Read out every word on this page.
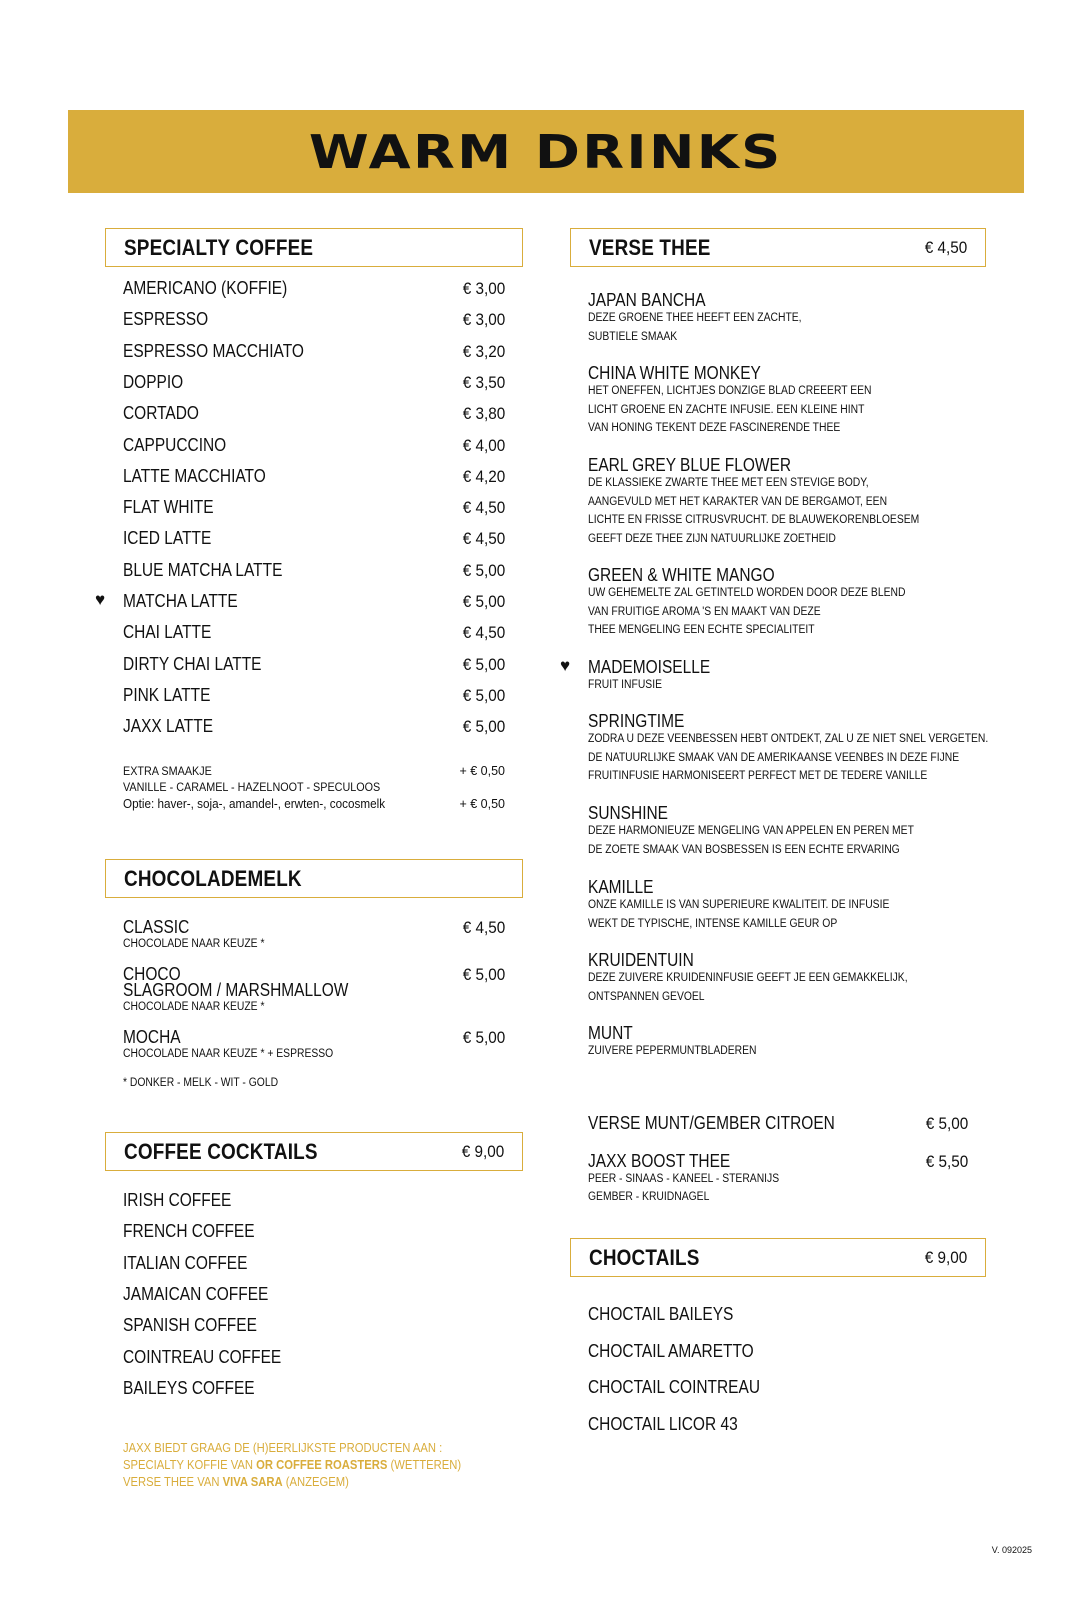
WARM DRINKS
SPECIALTY COFFEE
AMERICANO (KOFFIE)	€ 3,00
ESPRESSO	€ 3,00
ESPRESSO MACCHIATO	€ 3,20
DOPPIO	€ 3,50
CORTADO	€ 3,80
CAPPUCCINO	€ 4,00
LATTE MACCHIATO	€ 4,20
FLAT WHITE	€ 4,50
ICED LATTE	€ 4,50
BLUE MATCHA LATTE	€ 5,00
MATCHA LATTE	€ 5,00
♥
CHAI LATTE	€ 4,50
DIRTY CHAI LATTE	€ 5,00
PINK LATTE	€ 5,00
JAXX LATTE	€ 5,00
EXTRA SMAAKJE	+ € 0,50
VANILLE - CARAMEL - HAZELNOOT - SPECULOOS
Optie: haver-, soja-, amandel-, erwten-, cocosmelk	+ € 0,50
CHOCOLADEMELK
CLASSIC	€ 4,50
CHOCOLADE NAAR KEUZE *
CHOCO	€ 5,00
SLAGROOM / MARSHMALLOW
CHOCOLADE NAAR KEUZE *
MOCHA	€ 5,00
CHOCOLADE NAAR KEUZE * + ESPRESSO
* DONKER - MELK - WIT - GOLD
COFFEE COCKTAILS	€ 9,00
IRISH COFFEE
FRENCH COFFEE
ITALIAN COFFEE
JAMAICAN COFFEE
SPANISH COFFEE
COINTREAU COFFEE
BAILEYS COFFEE
JAXX BIEDT GRAAG DE (H)EERLIJKSTE PRODUCTEN AAN :
SPECIALTY KOFFIE VAN OR COFFEE ROASTERS (WETTEREN)
VERSE THEE VAN VIVA SARA (ANZEGEM)
VERSE THEE	€ 4,50
JAPAN BANCHA
DEZE GROENE THEE HEEFT EEN ZACHTE,
SUBTIELE SMAAK
CHINA WHITE MONKEY
HET ONEFFEN, LICHTJES DONZIGE BLAD CREËERT EEN
LICHT GROENE EN ZACHTE INFUSIE. EEN KLEINE HINT
VAN HONING TEKENT DEZE FASCINERENDE THEE
EARL GREY BLUE FLOWER
DE KLASSIEKE ZWARTE THEE MET EEN STEVIGE BODY,
AANGEVULD MET HET KARAKTER VAN DE BERGAMOT, EEN
LICHTE EN FRISSE CITRUSVRUCHT. DE BLAUWEKORENBLOESEM
GEEFT DEZE THEE ZIJN NATUURLIJKE ZOETHEID
GREEN & WHITE MANGO
UW GEHEMELTE ZAL GETINTELD WORDEN DOOR DEZE BLEND
VAN FRUITIGE AROMA 'S EN MAAKT VAN DEZE
THEE MENGELING EEN ECHTE SPECIALITEIT
MADEMOISELLE
FRUIT INFUSIE
♥
SPRINGTIME
ZODRA U DEZE VEENBESSEN HEBT ONTDEKT, ZAL U ZE NIET SNEL VERGETEN.
DE NATUURLIJKE SMAAK VAN DE AMERIKAANSE VEENBES IN DEZE FIJNE
FRUITINFUSIE HARMONISEERT PERFECT MET DE TEDERE VANILLE
SUNSHINE
DEZE HARMONIEUZE MENGELING VAN APPELEN EN PEREN MET
DE ZOETE SMAAK VAN BOSBESSEN IS EEN ECHTE ERVARING
KAMILLE
ONZE KAMILLE IS VAN SUPERIEURE KWALITEIT. DE INFUSIE
WEKT DE TYPISCHE, INTENSE KAMILLE GEUR OP
KRUIDENTUIN
DEZE ZUIVERE KRUIDENINFUSIE GEEFT JE EEN GEMAKKELIJK,
ONTSPANNEN GEVOEL
MUNT
ZUIVERE PEPERMUNTBLADEREN
VERSE MUNT/GEMBER CITROEN	€ 5,00
JAXX BOOST THEE	€ 5,50
PEER - SINAAS - KANEEL - STERANIJS
GEMBER - KRUIDNAGEL
CHOCTAILS	€ 9,00
CHOCTAIL BAILEYS
CHOCTAIL AMARETTO
CHOCTAIL COINTREAU
CHOCTAIL LICOR 43
V. 092025
